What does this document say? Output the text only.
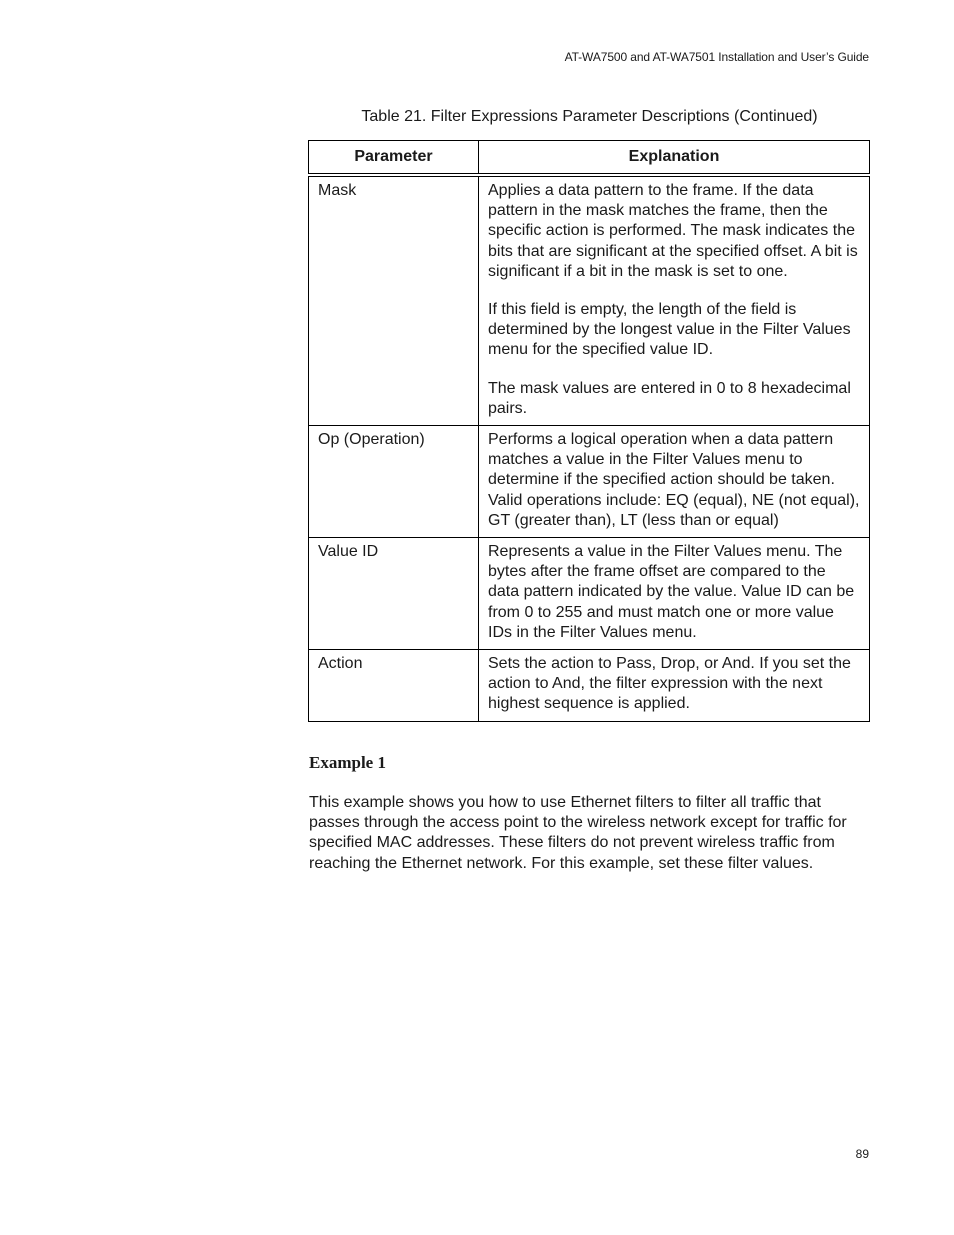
AT-WA7500 and AT-WA7501 Installation and User’s Guide
Table 21. Filter Expressions Parameter Descriptions (Continued)
Parameter	Explanation
Mask	Applies a data pattern to the frame. If the data pattern in the mask matches the frame, then the specific action is performed. The mask indicates the bits that are significant at the specified offset. A bit is significant if a bit in the mask is set to one.

If this field is empty, the length of the field is determined by the longest value in the Filter Values menu for the specified value ID.

The mask values are entered in 0 to 8 hexadecimal pairs.

Op (Operation)	Performs a logical operation when a data pattern matches a value in the Filter Values menu to determine if the specified action should be taken. Valid operations include: EQ (equal), NE (not equal), GT (greater than), LT (less than or equal)

Value ID	Represents a value in the Filter Values menu. The bytes after the frame offset are compared to the data pattern indicated by the value. Value ID can be from 0 to 255 and must match one or more value IDs in the Filter Values menu.

Action	Sets the action to Pass, Drop, or And. If you set the action to And, the filter expression with the next highest sequence is applied.

Example 1

This example shows you how to use Ethernet filters to filter all traffic that passes through the access point to the wireless network except for traffic for specified MAC addresses. These filters do not prevent wireless traffic from reaching the Ethernet network. For this example, set these filter values.

89
